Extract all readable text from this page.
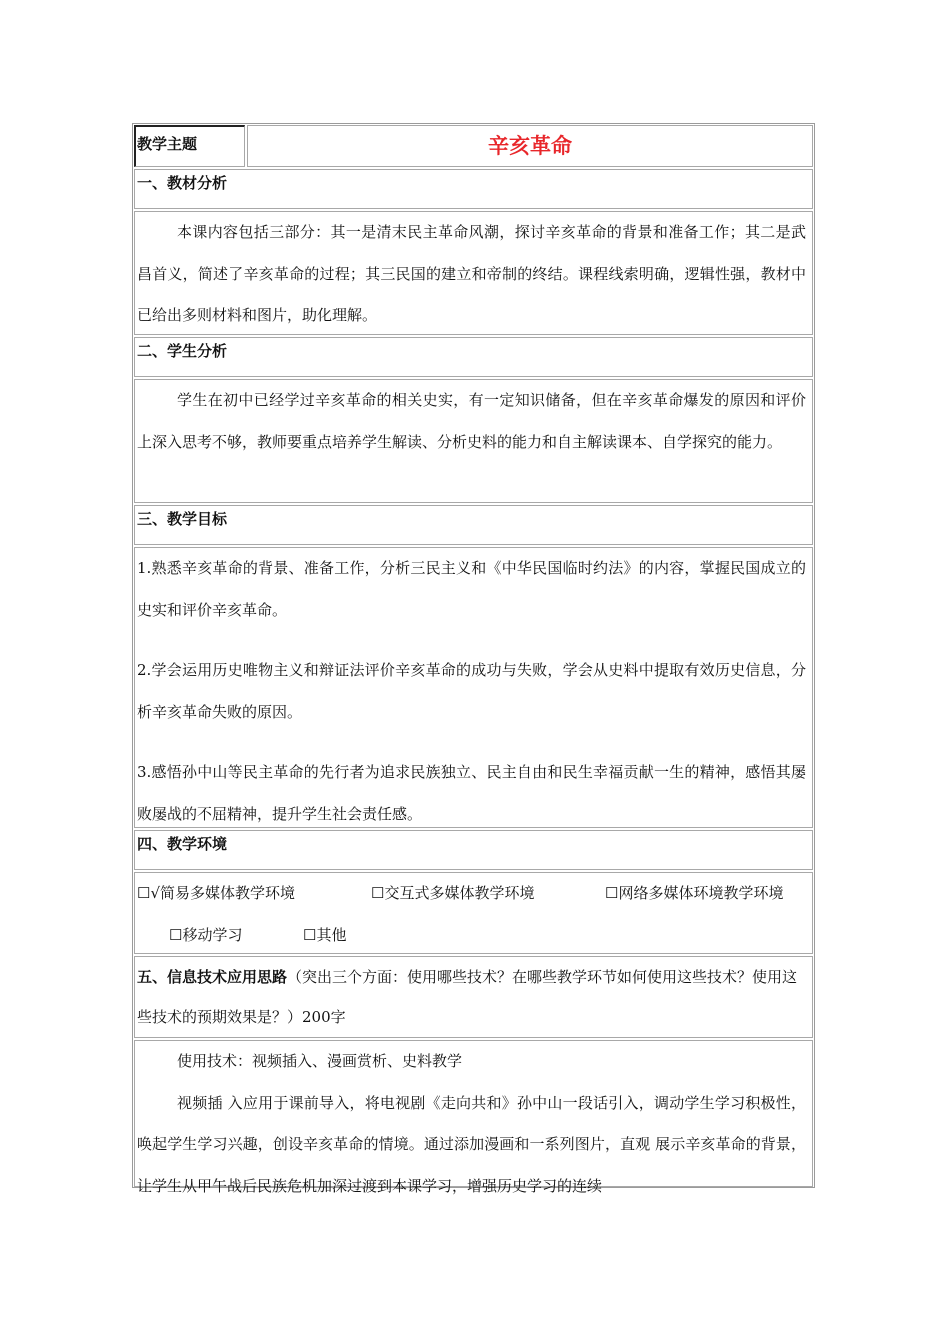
教学主题	辛亥革命
一、教材分析
本课内容包括三部分：其一是清末民主革命风潮，探讨辛亥革命的背景和准备工作；其二是武昌首义，简述了辛亥革命的过程；其三民国的建立和帝制的终结。课程线索明确，逻辑性强，教材中已给出多则材料和图片，助化理解。
二、学生分析
学生在初中已经学过辛亥革命的相关史实，有一定知识储备，但在辛亥革命爆发的原因和评价上深入思考不够，教师要重点培养学生解读、分析史料的能力和自主解读课本、自学探究的能力。
三、教学目标

1.熟悉辛亥革命的背景、准备工作，分析三民主义和《中华民国临时约法》的内容，掌握民国成立的史实和评价辛亥革命。

2.学会运用历史唯物主义和辩证法评价辛亥革命的成功与失败，学会从史料中提取有效历史信息，分析辛亥革命失败的原因。

3.感悟孙中山等民主革命的先行者为追求民族独立、民主自由和民生幸福贡献一生的精神，感悟其屡败屡战的不屈精神，提升学生社会责任感。

四、教学环境
☐√简易多媒体教学环境	☐交互式多媒体教学环境	☐网络多媒体环境教学环境
☐移动学习	☐其他
五、信息技术应用思路（突出三个方面：使用哪些技术？在哪些教学环节如何使用这些技术？使用这些技术的预期效果是？）200字

使用技术：视频插入、漫画赏析、史料教学

视频插 入应用于课前导入，将电视剧《走向共和》孙中山一段话引入，调动学生学习积极性，唤起学生学习兴趣，创设辛亥革命的情境。通过添加漫画和一系列图片，直观 展示辛亥革命的背景，让学生从甲午战后民族危机加深过渡到本课学习，增强历史学习的连续
